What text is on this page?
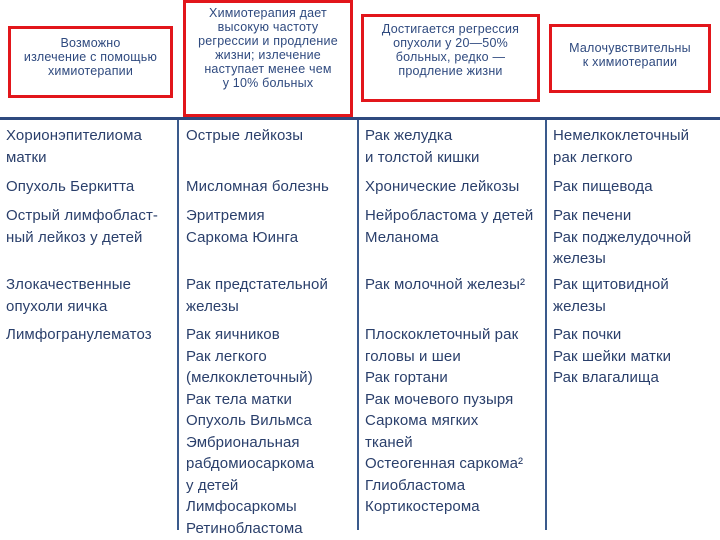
Возможно
излечение с помощью
химиотерапии
Химиотерапия дает
высокую частоту
регрессии и продление
жизни; излечение
наступает менее чем
у 10% больных
Достигается регрессия
опухоли у 20—50%
больных, редко —
продление жизни
Малочувствительны
к химиотерапии
Хорионэпителиома
матки
Острые лейкозы	Рак желудка
и толстой кишки
Немелкоклеточный
рак легкого
Опухоль Беркитта	Мисломная болезнь Хронические лейкозы Рак пищевода
Острый лимфобласт-
ный лейкоз у детей
Эритремия
Саркома Юинга
Нейробластома у детей
Меланома
Рак печени
Рак поджелудочной
железы
Злокачественные
опухоли яичка
Рак предстательной
железы
Рак молочной железы² Рак щитовидной
железы
Лимфогранулематоз Рак яичников
Рак легкого
(мелкоклеточный)
Рак тела матки
Опухоль Вильмса
Эмбриональная
рабдомиосаркома
у детей
Лимфосаркомы
Ретинобластома
Плоскоклеточный рак
головы и шеи
Рак гортани
Рак мочевого пузыря
Саркома мягких
тканей
Остеогенная саркома²
Глиобластома
Кортикостерома
Рак почки
Рак шейки матки
Рак влагалища
